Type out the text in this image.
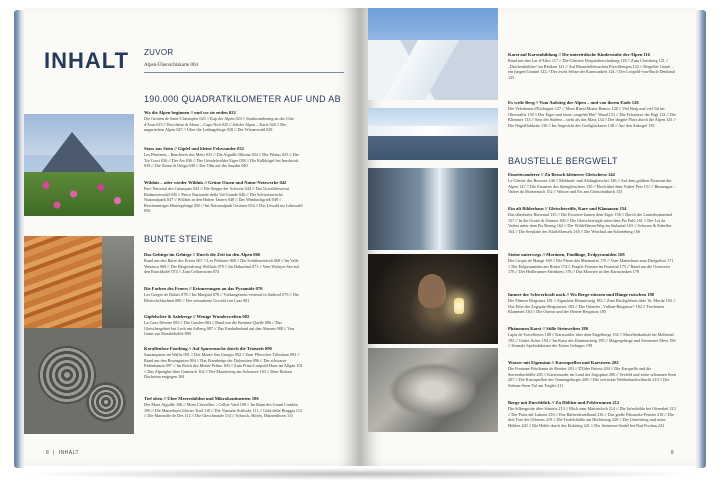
INHALT ZUVOR
Alpen-Übersichtskarte 004
190.000 QUADRATKILOMETER AUF UND AB
Wo die Alpen beginnen // und wo sie enden 022
Die Grotten de Saint-Christophe 023 // Kap der Alpen 023 // Stadtwanderung an der Côte d'Azur 025 // Bocchetta di Altare – Capo Noli 025 // Jeliche Alpen – Karst 026 // Die ungarischen Alpen 027 // Über die Leithagebirge 028 // Der Wienerwald 029
Stars aus Stein // Gipfel und kleine Felswunder 032
Les Pénitents – Rencheres des Mées 033 // Die Aiguille Dibona 034 // Der Pilatus 035 // Die Tre Croci 036 // Der Ars 036 // Der Grindelwalder Eiger 038 // Die Kalkkögel bei Innsbruck 039 // Die Zinne di Ortiga 040 // Der Olm auf der Sauahn 040
Wildnis – oder wieder Wildnis // Grüne Oasen und Natur-Netzwerke 042
Parc National des Calanques 043 // Die Steppe der Schweiz 044 // Das Urwaldreservat Bödmerenwald 045 // Parco Nazionale della Val Grande 046 // Der Schweizerische Nationalpark 047 // Wildnis in den Hohen Tauern 048 // Das Wimbachgrieß 049 // Reichraminger Hintergebirge 050 // Im Nationalpark Gesäuse 054 // Das Urwald im Lahnwald 056
BUNTE STEINE
Das Gehirge im Gehirge // Durch die Zeit im den Alpen 066
Rund um den Barre des Ecrins 067 // Les Pellaires 068 // Die Schiffmeisloch 068 // Im Valle Ventasca 069 // Der Bergwerkweg Wöllach 070 // Im Habachtal 071 // Vom Wolayer See auf den Rauchkofel 074 // Zum Cellonstrom 074
Die Farben des Feuers // Erinnerungen an das Pyramide 076
Les Gorges de Daluis 078 // Im Margital 078 // Vulkangestein verirtsal in Südtirol 079 // Die Blettschchluchten 080 // Der versunkene Urwald von Laas 081
Gipfelscher & Salzberge // Wenige Wunderwelten 082
La Caux Déserte 083 // Die Gorden 084 // Rund um die Bernina-Quelle 086 // Das Gletschergebiet bei Lech am Arlberg 087 // Das Emdadenland auf den Alemen 088 // Von Gams zur Ronaltehöhle 089
Korallenlose Foothing // Auf Spurensuche durch die Triaszeit 090
Santamparas im Wallis 091 // Der Monte San Giorgio 092 // Zum Pflerscher Tribulaun 093 // Rund um den Rosengarten 094 // Das Eisenberge der Dolomiten 096 // Der schwarze Padenkamm 097 // Im Reich des Monte Pelmo 100 // Zum Prinz-Luitpold-Haus im Allgäu 101 // Das Alpenglut über Garmisch 102 // Der Marienweg am Achensee 103 // Dem Holzen Dachstein entgegen 104
Tief oben // Über Meeresbilden und Mikrokontinenten 106
Der Mont Aiguille 106 // Mont Chevallier – Cellier Vard 108 // Im Bann des Grand Combin 109 // Die Matterhorn Glacier Trail 110 // Die Viamala-Schlucht 111 // Gold delle Braggia 112 // Die Marmolle de Des 112 // Die Gleschnatale 114 // Schrock, Höfen, Hütztenlhorn 115
8  |  INHALT
Karst auf Karsenbildung // Die unterirdische Kinderstube der Alpen 116
Rund um den Lac d'Allos 117 // Die Glaciere Hospitalierschaltung 118 // Zum Clorisberg 121 // „Drachenhöhlen“ im Rätikon 121 // Auf Rhonehöhlesuchen Flyschbergen 122 // Bergeller Granit – ein jungen Granite 122 // Der zweit Sehne der Karawanken 124 // Der Leopold-von-Buch-Denkmal 125
Es weile Berg // Vom Aufstieg der Alpen – und von ihrem Ende 126
Der Veledrome d'Escbegier 127 // Mont Blanc/Monte Bianco 128 // Viel Berg und viel Tal im Oberwallis 130 // Der Eiger und seine „ungeleb Ebe“ Wand 131 // Die Felsstürze der Rigi 132 // Die Klimmer 133 // Sass des Südens – steht als das Mass 134 // Der längste Pluss durch die Alpen 135 // Die Nagelfluhkette 136 // Im Angesicht des Großglockners 138 // Auf den Ankogel 139
BAUSTELLE BERGWELT
Eiszeitwanderer // Zu Besuch kleinerer Gletschern 144
Le Glacier des Bossons 146 // Mehlnah- und Alalingletscher 146 // Auf dem größten Eisstrom der Alpen 147 // Die Enormes des Steingletschers 150 // Hoch über dem Vadret Pers 151 // Binnengue – Vadret da Morteratsch 152 // Wasser und Eis am Gleitschnibach 153
Ein alt Bilderhaus // Gletscherriffe, Kare und Klamauen 154
Das überlaufte Riesental 155 // Die Eiswiese kamen dem Eiger 156 // Durch des Lauterbrunnental 157 // In die Grotte di Unterer 160 // Die Gletscherriegle seine dem Piz Palü 161 // Der Lej da Vadret unter dem Piz Bernig 162 // Der WildeWasserWeg im Stubaital 163 // Schwarz & Enkelfer 164 // Die Seeplatte des Klaffelkessels 165 // Die Weichtal am Schneeberg 166
Steine unterwegs // Moränen, Findlinge, Erdpyramiden 168
Der Cirque de Mange 169 // Die Pierre des Marmottes 170 // Vom Matterhorn zum Dreigeiltor 171 // Die Erdpyramiden am Ritten 174 // Fragile Formen im Pustertal 175 // Rund um die Osterseen 176 // Der Heilbrunner Steinkreis 176 // Das Moorsee in den Karawanken 178
Immer der Schwerkraft nach // Wo Berge stürzen und Hänge rutschen 180
Der Flimser Bergsturz 181 // Signalsite Heiastesteig 182 // Zum Bischglehnis über 'St. Moritz 182 // Das Erbe des Zogspitz-Bergsturzes 182 // Der Ortnefer „Vulkan-Bergsturz“ 184 // Trockenen Klammen 184 // Die Osteon und der Hetten-Bergsturz 185
Phänomen Karst // Stille Steinwelten 186
Lapis de Travellerses 188 // Karstsattler über dem Engelberge 192 // Musellenkarbsfe im Mellental 192 // Gottes Acker 194 // Im Karst des Kärntnerberg 195 // Mageegebirge und Steinerner Meer 196 // Zentrale Spektabilotum der Totem Gebirges 198
Wasser mit Eigensinn // Karstquellen und Karstseen 202
Die Fontaine Pétrifiante de Réotier 203 // D'Ilder Brüsse 204 // Die Karquelle und die Sternerbachfälle 205 // Karstwunder im Land der Zugspitze 206 // Seefeld und seine seltsamen Seen 207 // Die Karstquellen des Tennengebirges 208 // Die verrückte Weißenbachschlucht 210 // Der Siebner-Seen-Tal am Totgler 211
Berge mit Durchblick // Zu Höhlen und Felsbrunnen 212
Die Silbergrotte über Sintoris 213 // Blick zum Martinsloch 214 // Die Jufenhöhle bei Ottenzbel 215 // Die Porta del Lattone 216 // Das Bärbenleutelband 216 // Das große Paluzzola-Fenster 218 // Die drei Tore der Ochsens 219 // Die Teufelshöhle am Hochkönig 220 // Der Untersberg und seine Höhlen 220 // Die Höhle durch das Eiskönig 221 // Der Steinerne Stadel bei Bad Fischau 222
9
